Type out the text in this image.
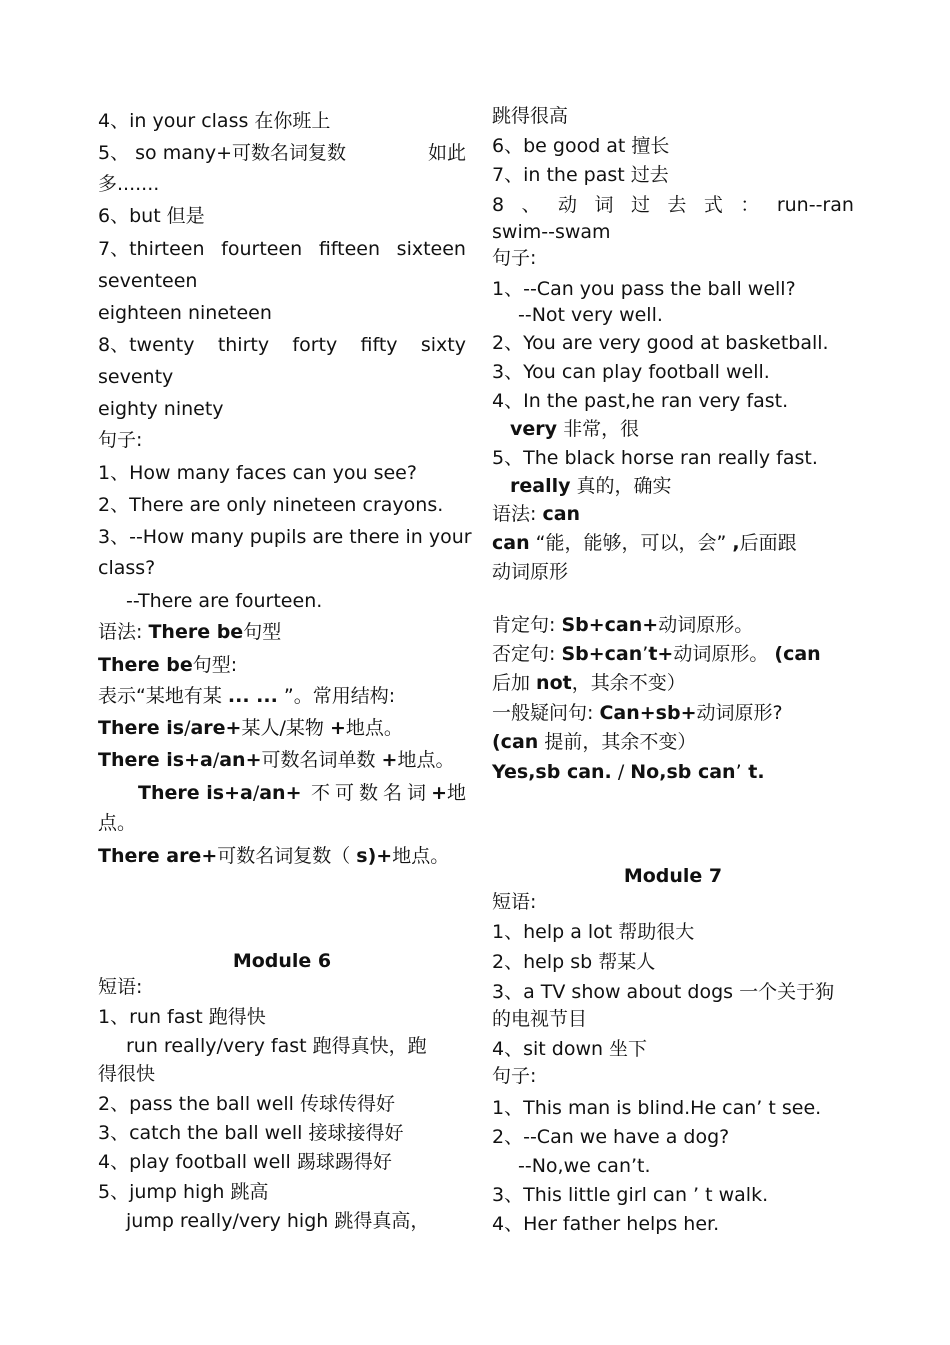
4、in your class 在你班上
5、 so many+可数名词复数	如此
多.......
6、but 但是
7、thirteen fourteen fifteen sixteen
seventeen
eighteen nineteen
8、twenty thirty forty fifty sixty
seventy
eighty ninety
句子:
1、How many faces can you see?
2、There are only nineteen crayons.
3、--How many pupils are there in your
class?
--There are fourteen.
语法: There be句型
There be句型:
表示“某地有某 ... ... ”。常用结构:
There is/are+某人/某物 +地点。
There is+a/an+可数名词单数 +地点。
There is+a/an+ 不可数名词+地
点。
There are+可数名词复数（ s)+地点。
Module 6
短语:
1、run fast 跑得快
run really/very fast 跑得真快，跑
得很快
2、pass the ball well 传球传得好
3、catch the ball well 接球接得好
4、play football well 踢球踢得好
5、jump high 跳高
jump really/very high 跳得真高，
跳得很高
6、be good at 擅长
7、in the past 过去
8 、 动 词 过 去 式 ： run--ran
swim--swam
句子:
1、--Can you pass the ball well?
--Not very well.
2、You are very good at basketball.
3、You can play football well.
4、In the past,he ran very fast.
very 非常，很
5、The black horse ran really fast.
really 真的，确实
语法: can
can “能，能够，可以，会” ,后面跟
动词原形
肯定句: Sb+can+动词原形。
否定句: Sb+can’t+动词原形。 (can
后加 not，其余不变）
一般疑问句: Can+sb+动词原形?
(can 提前，其余不变）
Yes,sb can. / No,sb can’ t.
Module 7
短语:
1、help a lot 帮助很大
2、help sb 帮某人
3、a TV show about dogs 一个关于狗
的电视节目
4、sit down 坐下
句子:
1、This man is blind.He can’ t see.
2、--Can we have a dog?
--No,we can’t.
3、This little girl can ’ t walk.
4、Her father helps her.
